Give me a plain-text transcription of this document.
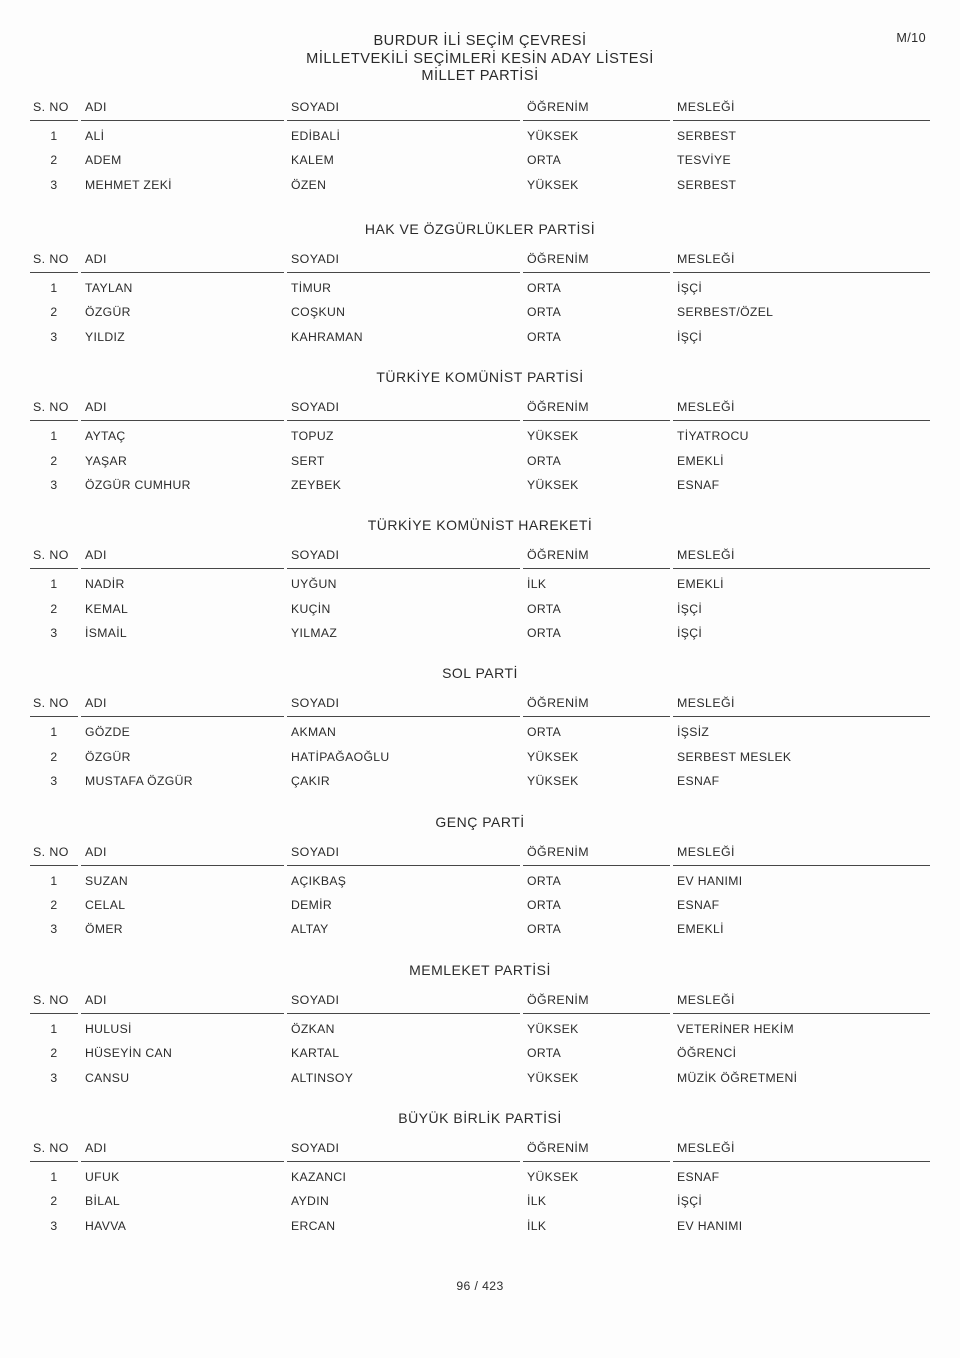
M/10
BURDUR İLİ SEÇİM ÇEVRESİ
MİLLETVEKİLİ SEÇİMLERİ KESİN ADAY LİSTESİ
MİLLET PARTİSİ
S. NO	ADI	SOYADI	ÖĞRENİM	MESLEĞİ
1	ALİ	EDİBALİ	YÜKSEK	SERBEST
2	ADEM	KALEM	ORTA	TESVİYE
3	MEHMET ZEKİ	ÖZEN	YÜKSEK	SERBEST
HAK VE ÖZGÜRLÜKLER PARTİSİ
S. NO	ADI	SOYADI	ÖĞRENİM	MESLEĞİ
1	TAYLAN	TİMUR	ORTA	İŞÇİ
2	ÖZGÜR	COŞKUN	ORTA	SERBEST/ÖZEL
3	YILDIZ	KAHRAMAN	ORTA	İŞÇİ
TÜRKİYE KOMÜNİST PARTİSİ
S. NO	ADI	SOYADI	ÖĞRENİM	MESLEĞİ
1	AYTAÇ	TOPUZ	YÜKSEK	TİYATROCU
2	YAŞAR	SERT	ORTA	EMEKLİ
3	ÖZGÜR CUMHUR	ZEYBEK	YÜKSEK	ESNAF
TÜRKİYE KOMÜNİST HAREKETİ
S. NO	ADI	SOYADI	ÖĞRENİM	MESLEĞİ
1	NADİR	UYĞUN	İLK	EMEKLİ
2	KEMAL	KUÇİN	ORTA	İŞÇİ
3	İSMAİL	YILMAZ	ORTA	İŞÇİ
SOL PARTİ
S. NO	ADI	SOYADI	ÖĞRENİM	MESLEĞİ
1	GÖZDE	AKMAN	ORTA	İŞSİZ
2	ÖZGÜR	HATİPAĞAOĞLU	YÜKSEK	SERBEST MESLEK
3	MUSTAFA ÖZGÜR	ÇAKIR	YÜKSEK	ESNAF
GENÇ PARTİ
S. NO	ADI	SOYADI	ÖĞRENİM	MESLEĞİ
1	SUZAN	AÇIKBAŞ	ORTA	EV HANIMI
2	CELAL	DEMİR	ORTA	ESNAF
3	ÖMER	ALTAY	ORTA	EMEKLİ
MEMLEKET PARTİSİ
S. NO	ADI	SOYADI	ÖĞRENİM	MESLEĞİ
1	HULUSİ	ÖZKAN	YÜKSEK	VETERİNER HEKİM
2	HÜSEYİN CAN	KARTAL	ORTA	ÖĞRENCİ
3	CANSU	ALTINSOY	YÜKSEK	MÜZİK ÖĞRETMENİ
BÜYÜK BİRLİK PARTİSİ
S. NO	ADI	SOYADI	ÖĞRENİM	MESLEĞİ
1	UFUK	KAZANCI	YÜKSEK	ESNAF
2	BİLAL	AYDIN	İLK	İŞÇİ
3	HAVVA	ERCAN	İLK	EV HANIMI
96 / 423
